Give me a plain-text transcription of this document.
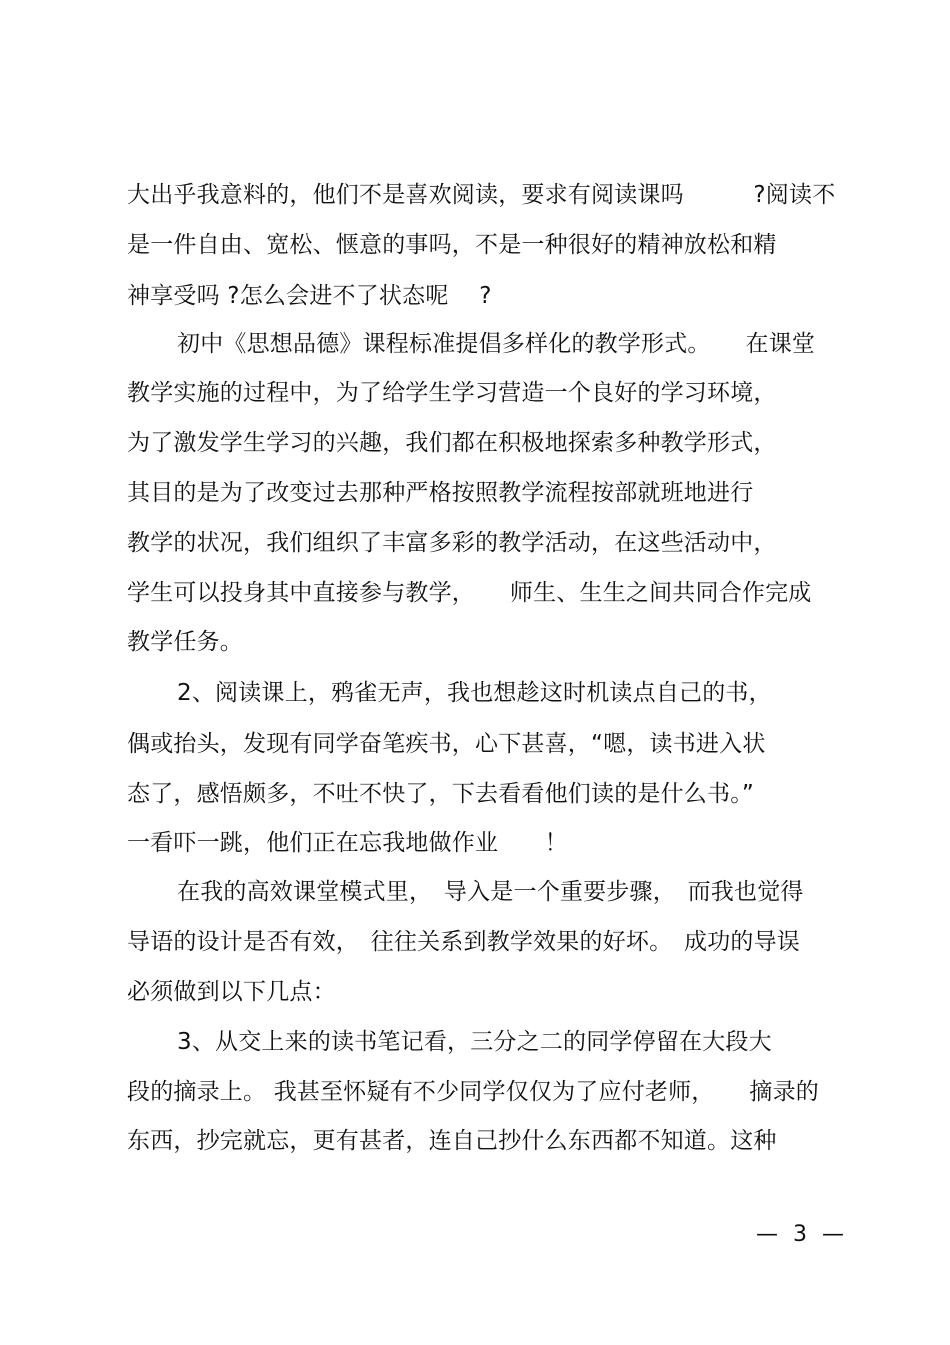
大出乎我意料的，他们不是喜欢阅读，要求有阅读课吗　　　?阅读不
是一件自由、宽松、惬意的事吗，不是一种很好的精神放松和精
神享受吗 ?怎么会进不了状态呢　 ?
初中《思想品德》课程标准提倡多样化的教学形式。　　在课堂
教学实施的过程中，为了给学生学习营造一个良好的学习环境，
为了激发学生学习的兴趣，我们都在积极地探索多种教学形式，
其目的是为了改变过去那种严格按照教学流程按部就班地进行
教学的状况，我们组织了丰富多彩的教学活动，在这些活动中，
学生可以投身其中直接参与教学，　　师生、生生之间共同合作完成
教学任务。
2、阅读课上，鸦雀无声，我也想趁这时机读点自己的书，
偶或抬头，发现有同学奋笔疾书，心下甚喜，“嗯，读书进入状
态了，感悟颇多，不吐不快了，下去看看他们读的是什么书。”
一看吓一跳，他们正在忘我地做作业　　！
在我的高效课堂模式里，　导入是一个重要步骤，　而我也觉得
导语的设计是否有效，　往往关系到教学效果的好坏。　成功的导误
必须做到以下几点：
3、从交上来的读书笔记看，三分之二的同学停留在大段大
段的摘录上。 我甚至怀疑有不少同学仅仅为了应付老师，　　摘录的
东西，抄完就忘，更有甚者，连自己抄什么东西都不知道。这种
— 3 —
